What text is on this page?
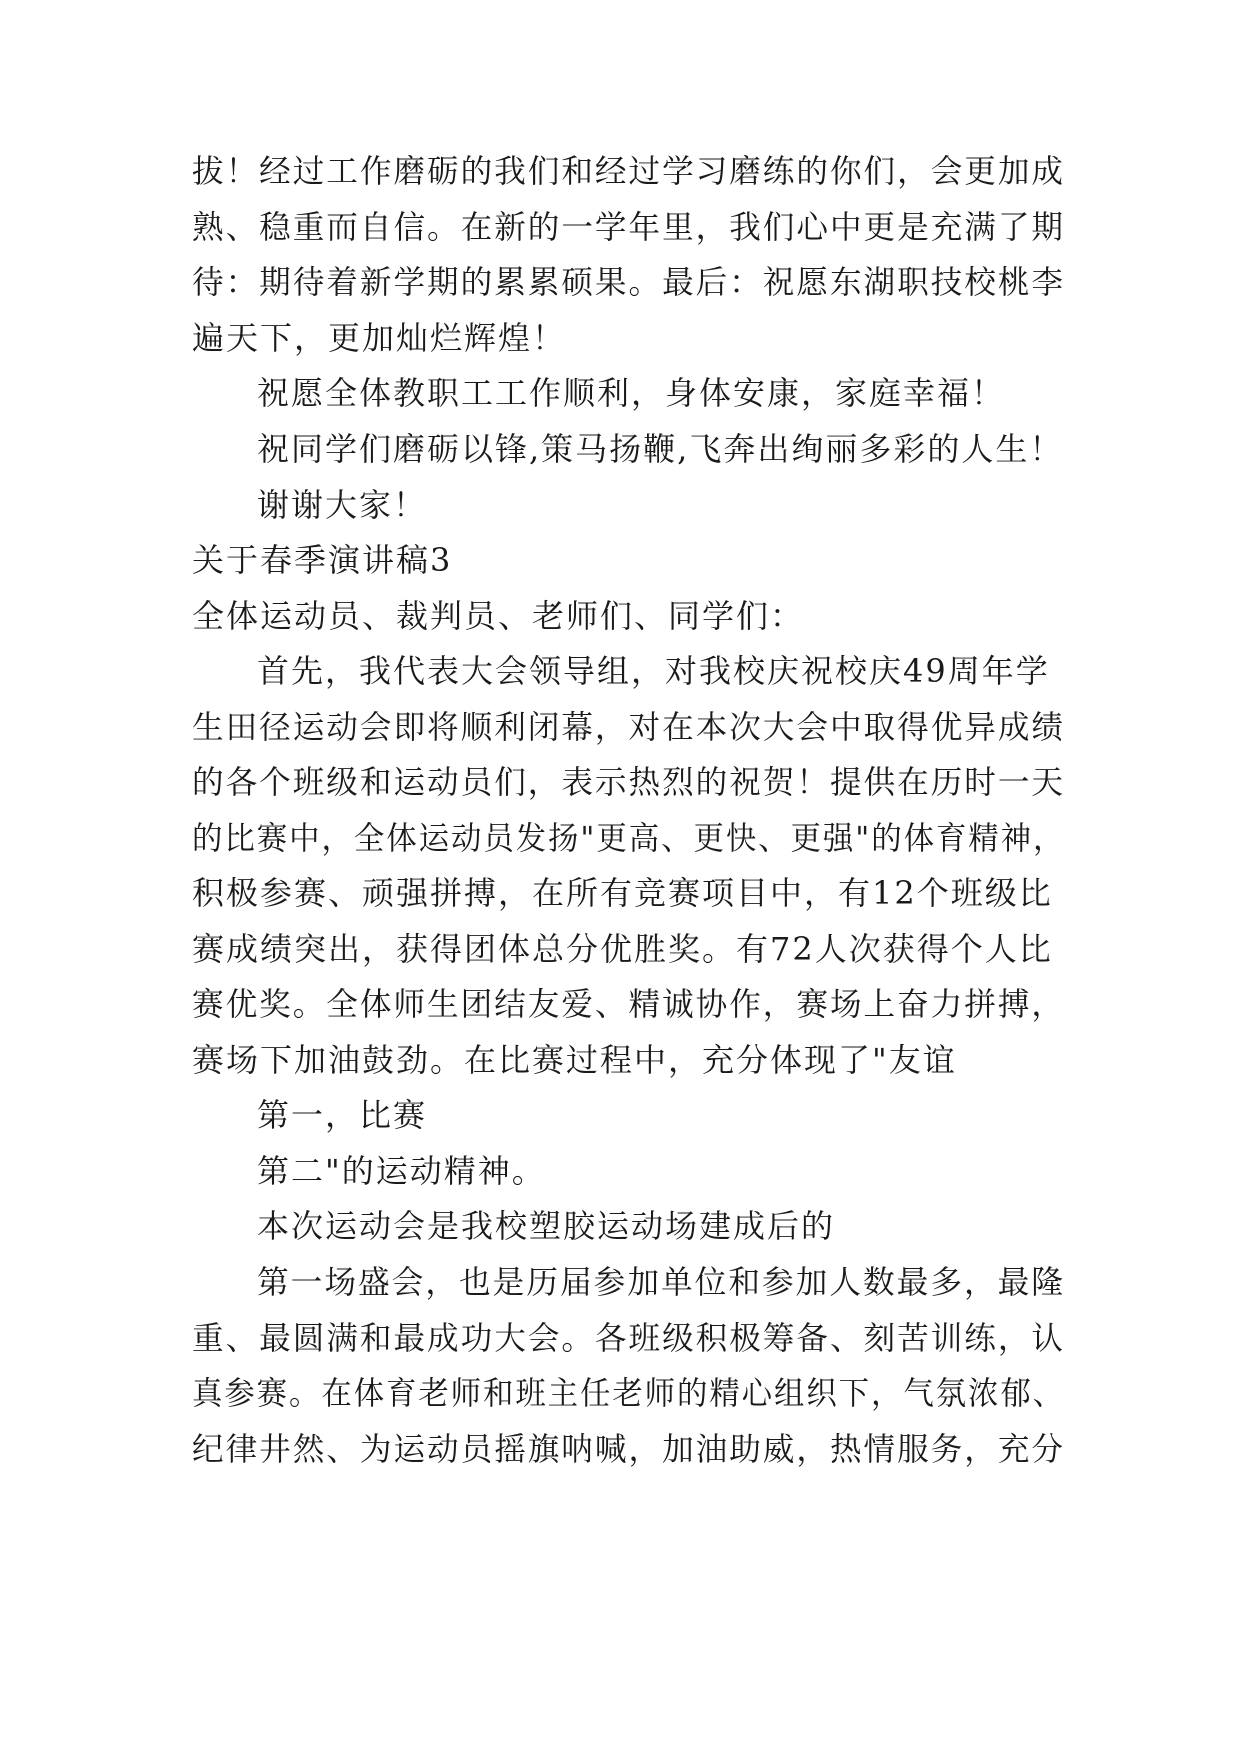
拔！经过工作磨砺的我们和经过学习磨练的你们，会更加成
熟、稳重而自信。在新的一学年里，我们心中更是充满了期
待：期待着新学期的累累硕果。最后：祝愿东湖职技校桃李
遍天下，更加灿烂辉煌！
祝愿全体教职工工作顺利，身体安康，家庭幸福！
祝同学们磨砺以锋,策马扬鞭,飞奔出绚丽多彩的人生！
谢谢大家！
关于春季演讲稿3
全体运动员、裁判员、老师们、同学们：
首先，我代表大会领导组，对我校庆祝校庆49周年学
生田径运动会即将顺利闭幕，对在本次大会中取得优异成绩
的各个班级和运动员们，表示热烈的祝贺！提供在历时一天
的比赛中，全体运动员发扬"更高、更快、更强"的体育精神，
积极参赛、顽强拼搏，在所有竞赛项目中，有12个班级比
赛成绩突出，获得团体总分优胜奖。有72人次获得个人比
赛优奖。全体师生团结友爱、精诚协作，赛场上奋力拼搏，
赛场下加油鼓劲。在比赛过程中，充分体现了"友谊
第一，比赛
第二"的运动精神。
本次运动会是我校塑胶运动场建成后的
第一场盛会，也是历届参加单位和参加人数最多，最隆
重、最圆满和最成功大会。各班级积极筹备、刻苦训练，认
真参赛。在体育老师和班主任老师的精心组织下，气氛浓郁、
纪律井然、为运动员摇旗呐喊，加油助威，热情服务，充分
